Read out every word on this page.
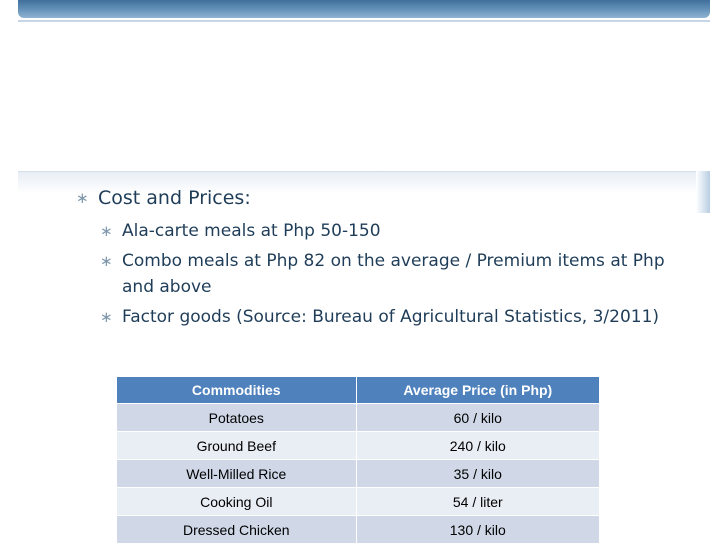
∗ Cost and Prices:
∗ Ala-carte meals at Php 50-150
∗ Combo meals at Php 82 on the average / Premium items at Php and above
∗ Factor goods (Source: Bureau of Agricultural Statistics, 3/2011)
Commodities	Average Price (in Php)
Potatoes	60 / kilo
Ground Beef	240 / kilo
Well-Milled Rice	35 / kilo
Cooking Oil	54 / liter
Dressed Chicken	130 / kilo
